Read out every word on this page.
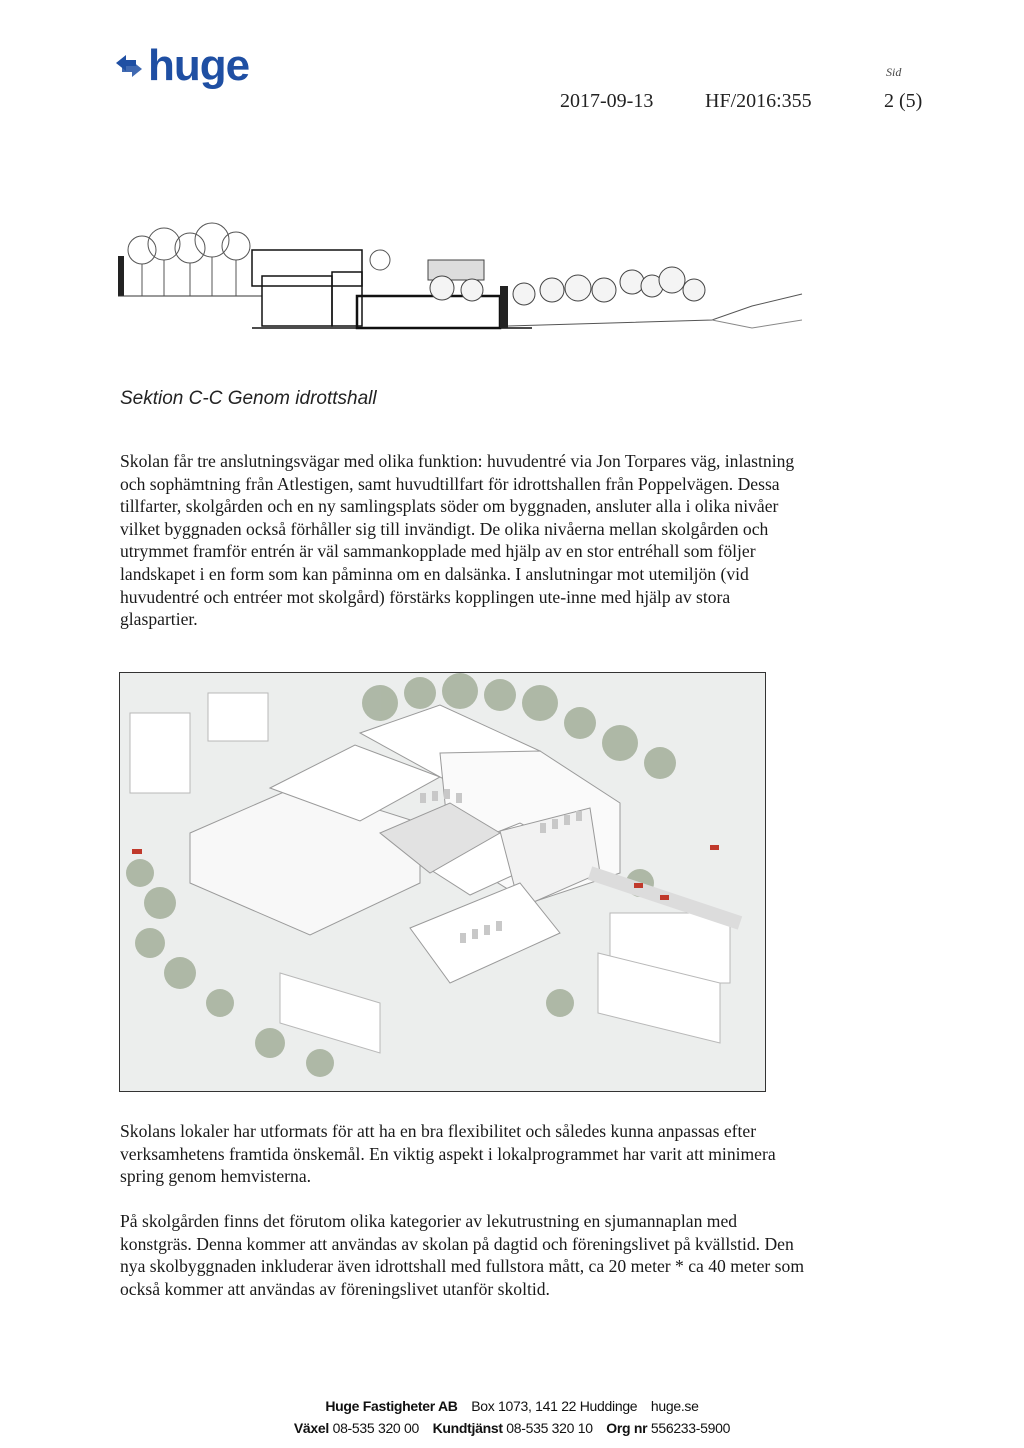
huge	Sid
2017-09-13	HF/2016:355	2 (5)
Sektion C-C Genom idrottshall

Skolan får tre anslutningsvägar med olika funktion: huvudentré via Jon Torpares väg, inlastning och sophämtning från Atlestigen, samt huvudtillfart för idrottshallen från Poppelvägen. Dessa tillfarter, skolgården och en ny samlingsplats söder om byggnaden, ansluter alla i olika nivåer vilket byggnaden också förhåller sig till invändigt. De olika nivåerna mellan skolgården och utrymmet framför entrén är väl sammankopplade med hjälp av en stor entréhall som följer landskapet i en form som kan påminna om en dalsänka. I anslutningar mot utemiljön (vid huvudentré och entréer mot skolgård) förstärks kopplingen ute-inne med hjälp av stora glaspartier.

Skolans lokaler har utformats för att ha en bra flexibilitet och således kunna anpassas efter verksamhetens framtida önskemål. En viktig aspekt i lokalprogrammet har varit att minimera spring genom hemvisterna.

På skolgården finns det förutom olika kategorier av lekutrustning en sjumannaplan med konstgräs. Denna kommer att användas av skolan på dagtid och föreningslivet på kvällstid. Den nya skolbyggnaden inkluderar även idrottshall med fullstora mått, ca 20 meter * ca 40 meter som också kommer att användas av föreningslivet utanför skoltid.

Huge Fastigheter AB Box 1073, 141 22 Huddinge huge.se
Växel 08-535 320 00 Kundtjänst 08-535 320 10 Org nr 556233-5900
